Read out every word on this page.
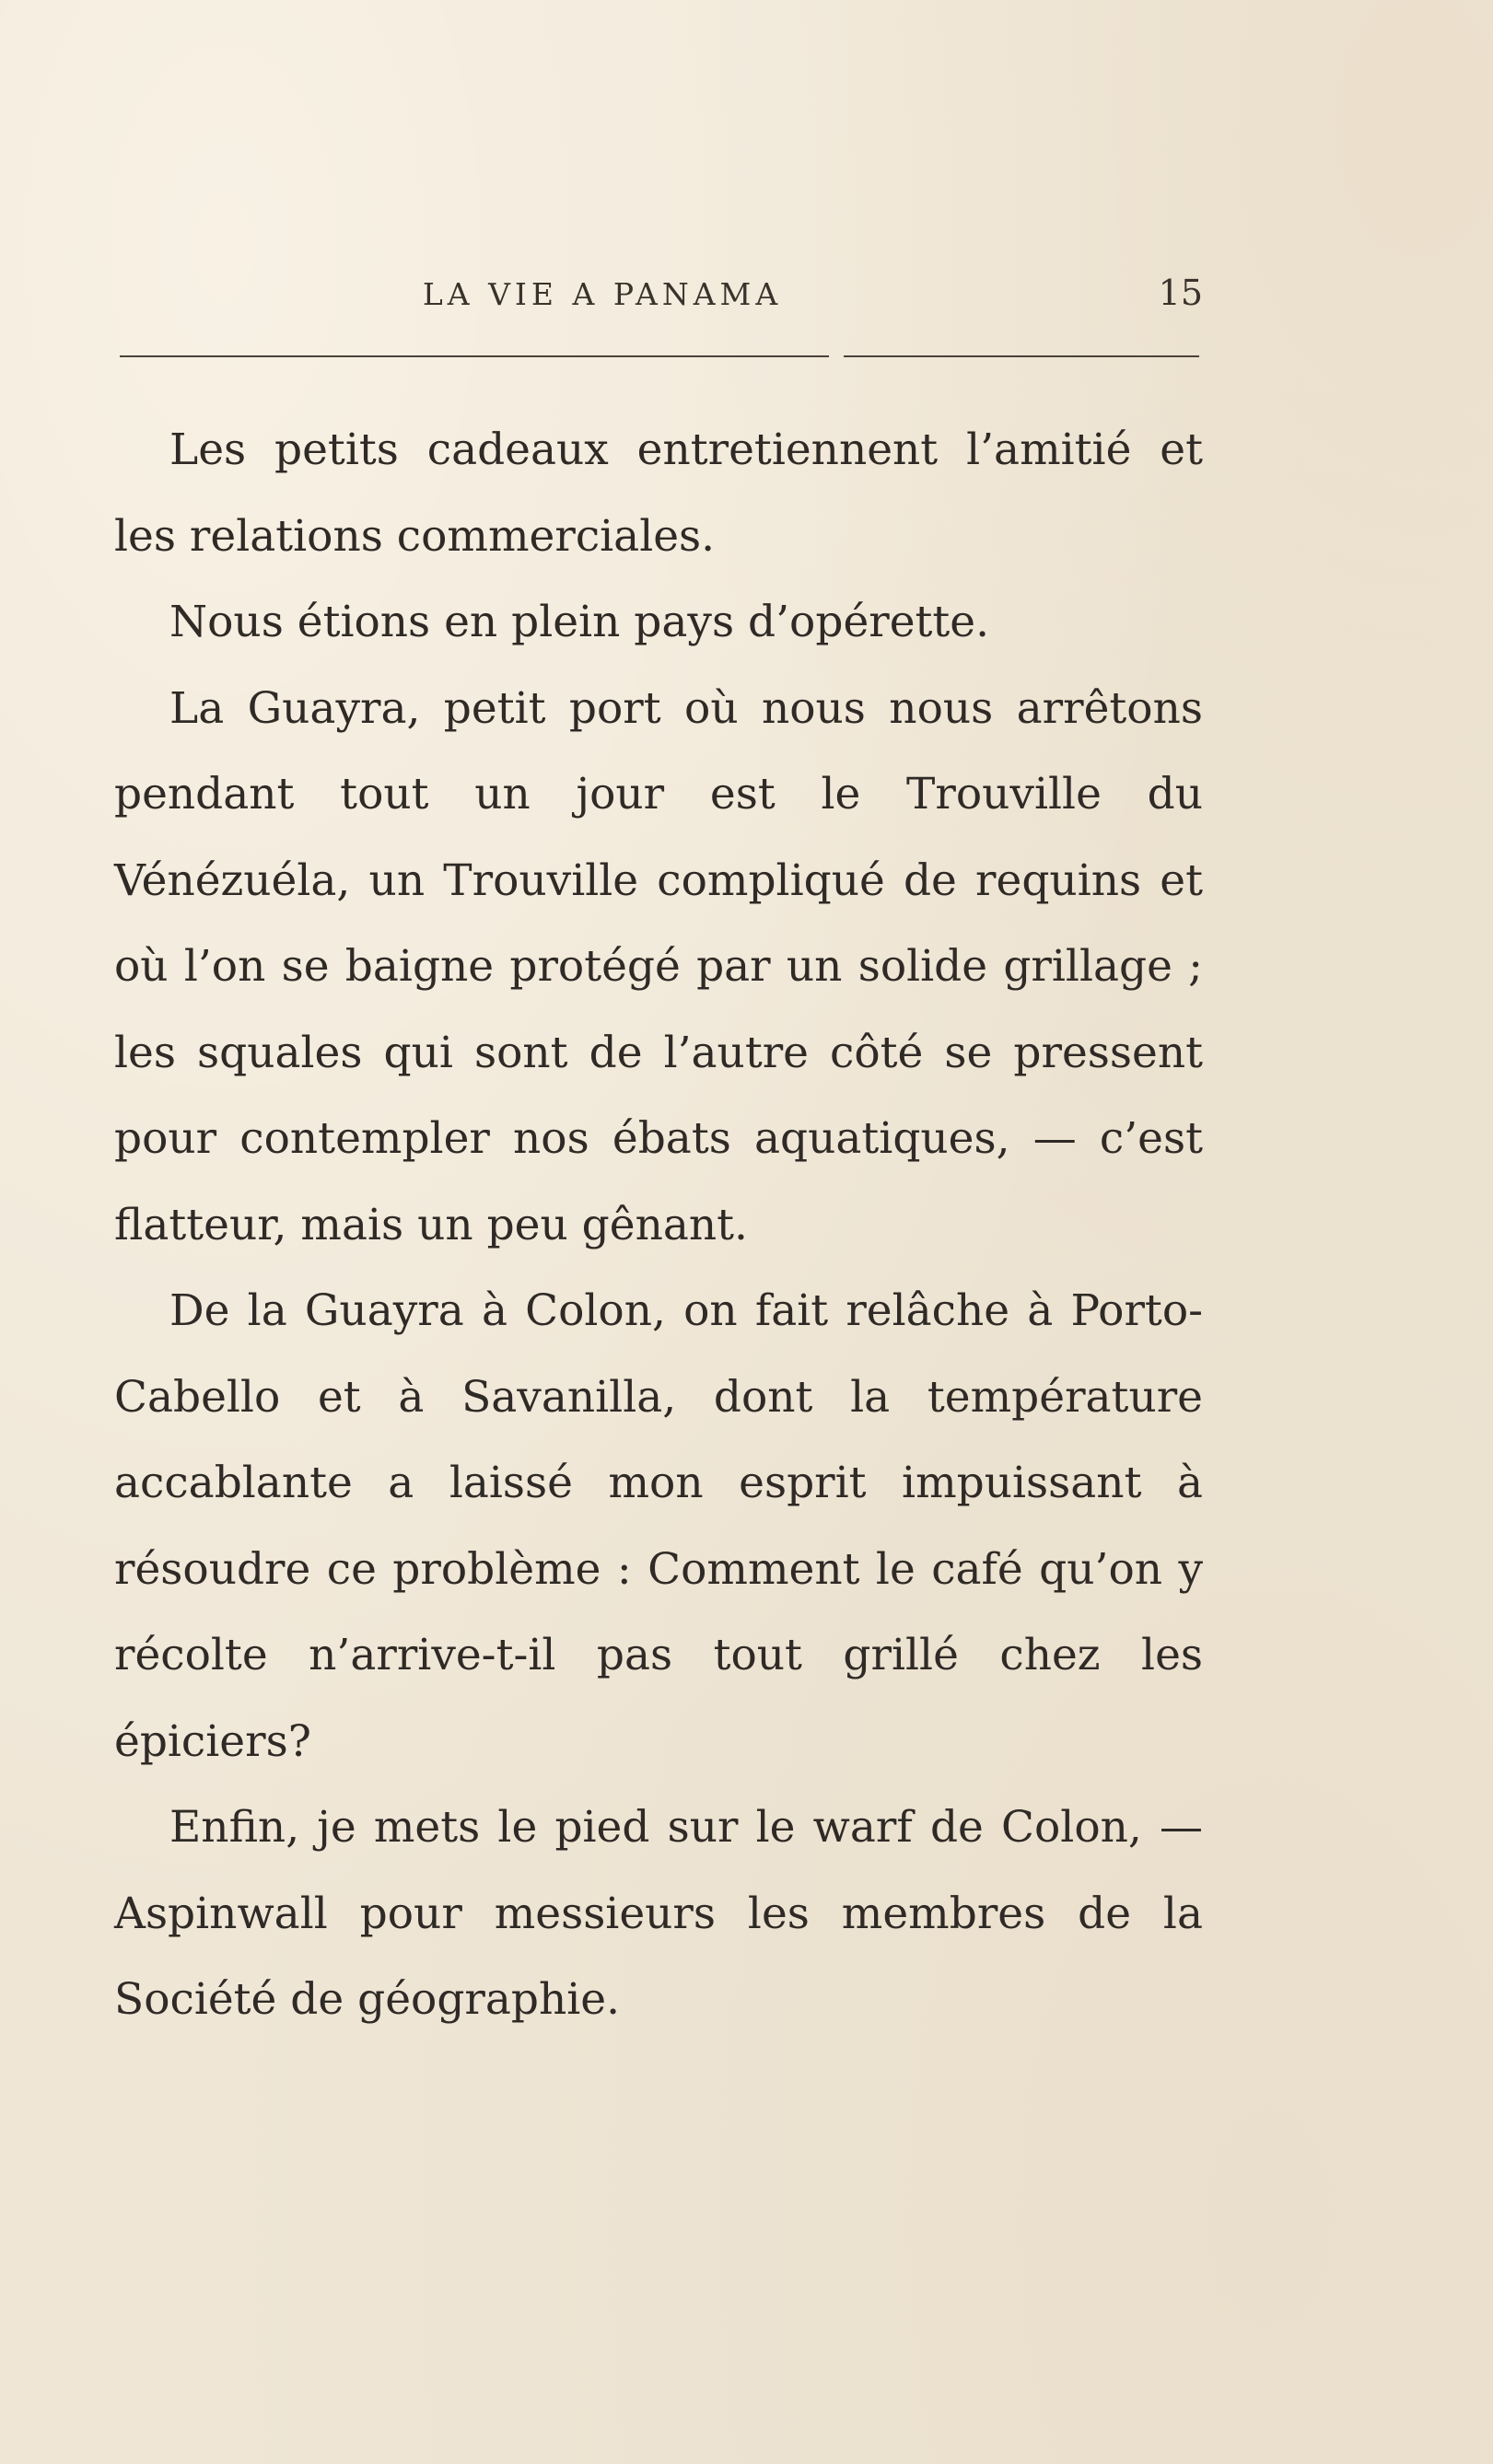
LA VIE A PANAMA	15

Les petits cadeaux entretiennent l’amitié et les relations commerciales.

Nous étions en plein pays d’opérette.

La Guayra, petit port où nous nous arrêtons pendant tout un jour est le Trouville du Vénézuéla, un Trouville compliqué de requins et où l’on se baigne protégé par un solide grillage ; les squales qui sont de l’autre côté se pressent pour contempler nos ébats aquatiques, — c’est flatteur, mais un peu gênant.

De la Guayra à Colon, on fait relâche à Porto-Cabello et à Savanilla, dont la température accablante a laissé mon esprit impuissant à résoudre ce problème : Comment le café qu’on y récolte n’arrive-t-il pas tout grillé chez les épiciers?

Enfin, je mets le pied sur le warf de Colon, — Aspinwall pour messieurs les membres de la Société de géographie.
